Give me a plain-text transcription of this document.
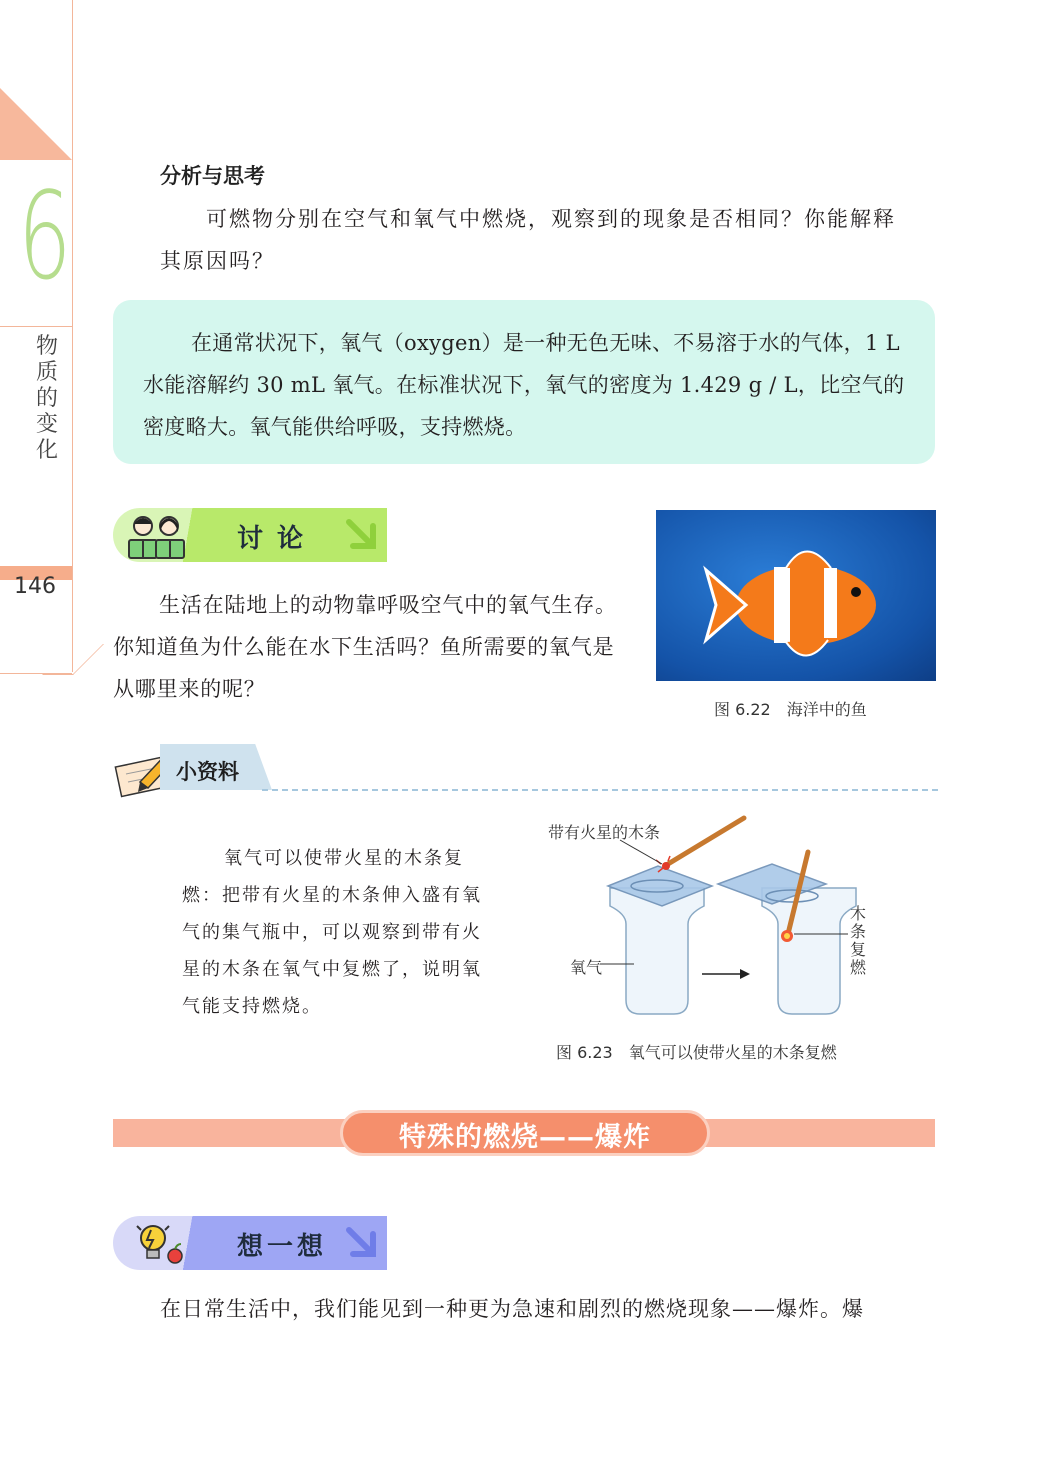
6
物质的变化
146
分析与思考
可燃物分别在空气和氧气中燃烧，观察到的现象是否相同？你能解释其原因吗？
在通常状况下，氧气（oxygen）是一种无色无味、不易溶于水的气体，1 L 水能溶解约 30 mL 氧气。在标准状况下，氧气的密度为 1.429 g / L，比空气的密度略大。氧气能供给呼吸，支持燃烧。
讨论
生活在陆地上的动物靠呼吸空气中的氧气生存。你知道鱼为什么能在水下生活吗？鱼所需要的氧气是从哪里来的呢？
图 6.22　海洋中的鱼
小资料
氧气可以使带火星的木条复燃：把带有火星的木条伸入盛有氧气的集气瓶中，可以观察到带有火星的木条在氧气中复燃了，说明氧气能支持燃烧。
带有火星的木条
氧气
木条复燃
图 6.23　氧气可以使带火星的木条复燃
特殊的燃烧——爆炸
想一想
在日常生活中，我们能见到一种更为急速和剧烈的燃烧现象——爆炸。爆
